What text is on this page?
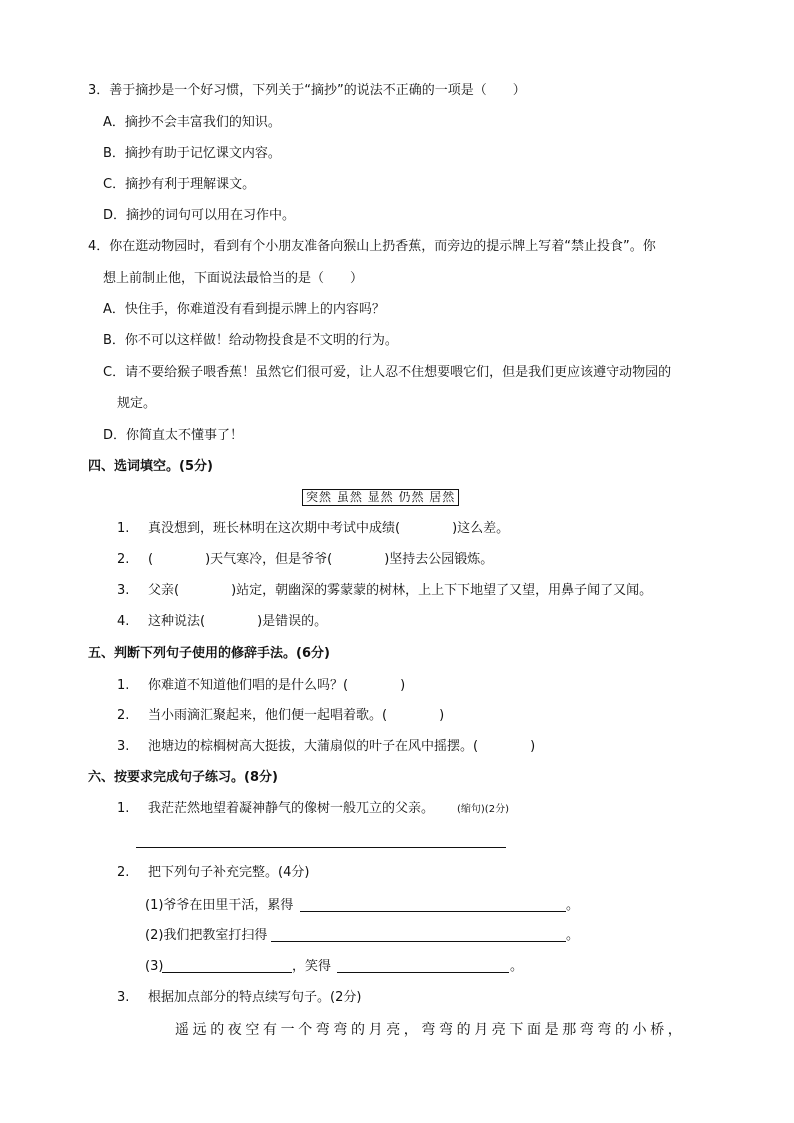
3．善于摘抄是一个好习惯，下列关于“摘抄”的说法不正确的一项是（　　）
A．摘抄不会丰富我们的知识。
B．摘抄有助于记忆课文内容。
C．摘抄有利于理解课文。
D．摘抄的词句可以用在习作中。
4．你在逛动物园时，看到有个小朋友准备向猴山上扔香蕉，而旁边的提示牌上写着“禁止投食”。你
想上前制止他，下面说法最恰当的是（　　）
A．快住手，你难道没有看到提示牌上的内容吗？
B．你不可以这样做！给动物投食是不文明的行为。
C．请不要给猴子喂香蕉！虽然它们很可爱，让人忍不住想要喂它们，但是我们更应该遵守动物园的
规定。
D．你简直太不懂事了！
四、选词填空。(5分)
突然 虽然 显然 仍然 居然
1. 真没想到，班长林明在这次期中考试中成绩(　　　　)这么差。
2. (　　　　)天气寒冷，但是爷爷(　　　　)坚持去公园锻炼。
3. 父亲(　　　　)站定，朝幽深的雾蒙蒙的树林，上上下下地望了又望，用鼻子闻了又闻。
4. 这种说法(　　　　)是错误的。
五、判断下列句子使用的修辞手法。(6分)
1. 你难道不知道他们唱的是什么吗？(　　　　)
2. 当小雨滴汇聚起来，他们便一起唱着歌。(　　　　)
3. 池塘边的棕榈树高大挺拔，大蒲扇似的叶子在风中摇摆。(　　　　)
六、按要求完成句子练习。(8分)
1. 我茫茫然地望着凝神静气的像树一般兀立的父亲。 (缩句)(2分)
2. 把下列句子补充完整。(4分)
(1)爷爷在田里干活，累得	。
(2)我们把教室打扫得	。
(3)	，笑得	。
3. 根据加点部分的特点续写句子。(2分)
遥远的夜空有一个弯弯的月亮，弯弯的月亮下面是那弯弯的小桥，
